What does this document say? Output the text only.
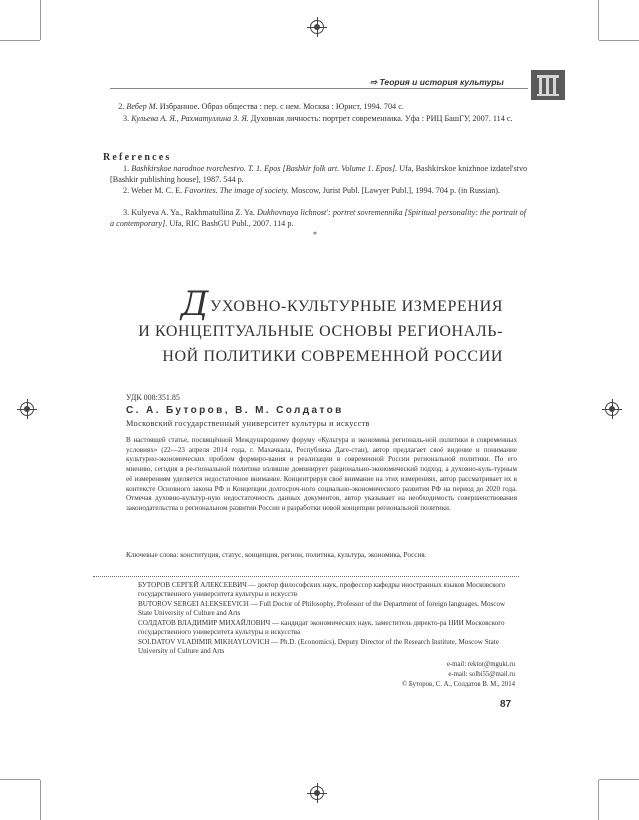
⇨ Теория и история культуры
2. Вебер М. Избранное. Образ общества : пер. с нем. Москва : Юрист, 1994. 704 с.
3. Кульева А. Я., Рахматуллина З. Я. Духовная личность: портрет современника. Уфа : РИЦ БашГУ, 2007. 114 с.
References
1. Bashkirskoe narodnoe tvorchestvo. T. 1. Epos [Bashkir folk art. Volume 1. Epos]. Ufa, Bashkirskoe knizhnoe izdatel'stvo [Bashkir publishing house], 1987. 544 p.
2. Weber M. C. E. Favorites. The image of society. Moscow, Jurist Publ. [Lawyer Publ.], 1994. 704 p. (in Russian).
3. Kulyeva A. Ya., Rakhmatullina Z. Ya. Dukhovnaya lichnost': portret sovremennika [Spiritual personality: the portrait of a contemporary]. Ufa, RIC BashGU Publ., 2007. 114 p.
*
ДУХОВНО-КУЛЬТУРНЫЕ ИЗМЕРЕНИЯ
И КОНЦЕПТУАЛЬНЫЕ ОСНОВЫ РЕГИОНАЛЬ-
НОЙ ПОЛИТИКИ СОВРЕМЕННОЙ РОССИИ
УДК 008:351.85
С. А. Буторов, В. М. Солдатов
Московский государственный университет культуры и искусств
В настоящей статье, посвящённой Международному форуму «Культура и экономика региональ-ной политики в современных условиях» (22—23 апреля 2014 года, г. Махачкала, Республика Даге-стан), автор предлагает своё видение и понимание культурно-экономических проблем формиро-вания и реализации в современной России региональной политики. По его мнению, сегодня в ре-гиональной политике излишне доминирует рационально-экономический подход, а духовно-куль-турным её измерениям уделяется недостаточное внимание. Концентрируя своё внимание на этих измерениях, автор рассматривает их в контексте Основного закона РФ и Концепции долгосроч-ного социально-экономического развития РФ на период до 2020 года. Отмечая духовно-культур-ную недостаточность данных документов, автор указывает на необходимость совершенствования законодательства о региональном развитии России и разработки новой концепции региональной политики.
Ключевые слова: конституция, статус, концепция, регион, политика, культура, экономика, Россия.
БУТОРОВ СЕРГЕЙ АЛЕКСЕЕВИЧ — доктор философских наук, профессор кафедры иностранных языков Московского государственного университета культуры и искусств
BUTOROV SERGEI ALEKSEEVICH — Full Doctor of Philosophy, Professor of the Department of foreign languages, Moscow State University of Culture and Arts
СОЛДАТОВ ВЛАДИМИР МИХАЙЛОВИЧ — кандидат экономических наук, заместитель директо-ра НИИ Московского государственного университета культуры и искусства
SOLDATOV VLADIMIR MIKHAYLOVICH — Ph.D. (Economics), Deputy Director of the Research Institute, Moscow State University of Culture and Arts
e-mail: rektor@mguki.ru
e-mail: solbi55@mail.ru
© Буторов, С. А., Солдатов В. М., 2014
87
